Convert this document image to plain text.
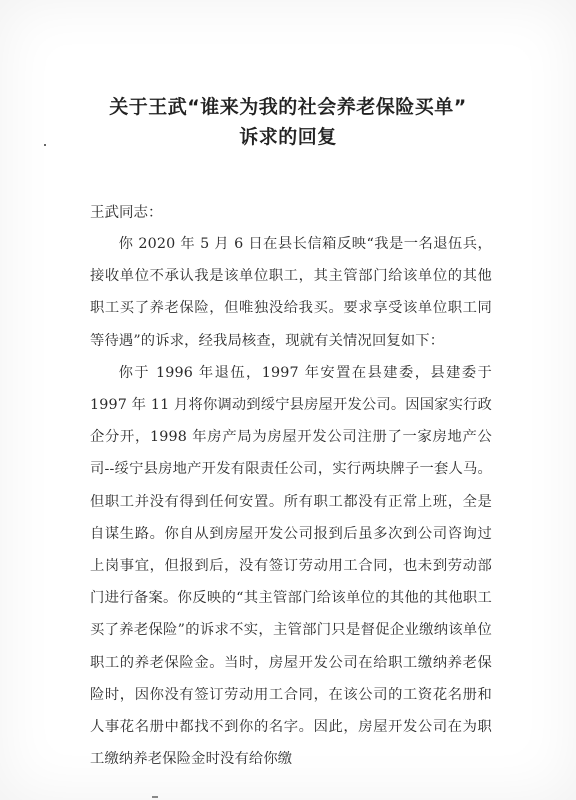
关于王武“谁来为我的社会养老保险买单”
诉求的回复
王武同志：

你 2020 年 5 月 6 日在县长信箱反映“我是一名退伍兵，接收单位不承认我是该单位职工，其主管部门给该单位的其他职工买了养老保险，但唯独没给我买。要求享受该单位职工同等待遇”的诉求，经我局核查，现就有关情况回复如下：

你于 1996 年退伍，1997 年安置在县建委，县建委于 1997 年 11 月将你调动到绥宁县房屋开发公司。因国家实行政企分开，1998 年房产局为房屋开发公司注册了一家房地产公司--绥宁县房地产开发有限责任公司，实行两块牌子一套人马。但职工并没有得到任何安置。所有职工都没有正常上班，全是自谋生路。你自从到房屋开发公司报到后虽多次到公司咨询过上岗事宜，但报到后，没有签订劳动用工合同，也未到劳动部门进行备案。你反映的“其主管部门给该单位的其他的其他职工买了养老保险”的诉求不实，主管部门只是督促企业缴纳该单位职工的养老保险金。当时，房屋开发公司在给职工缴纳养老保险时，因你没有签订劳动用工合同，在该公司的工资花名册和人事花名册中都找不到你的名字。因此，房屋开发公司在为职工缴纳养老保险金时没有给你缴
